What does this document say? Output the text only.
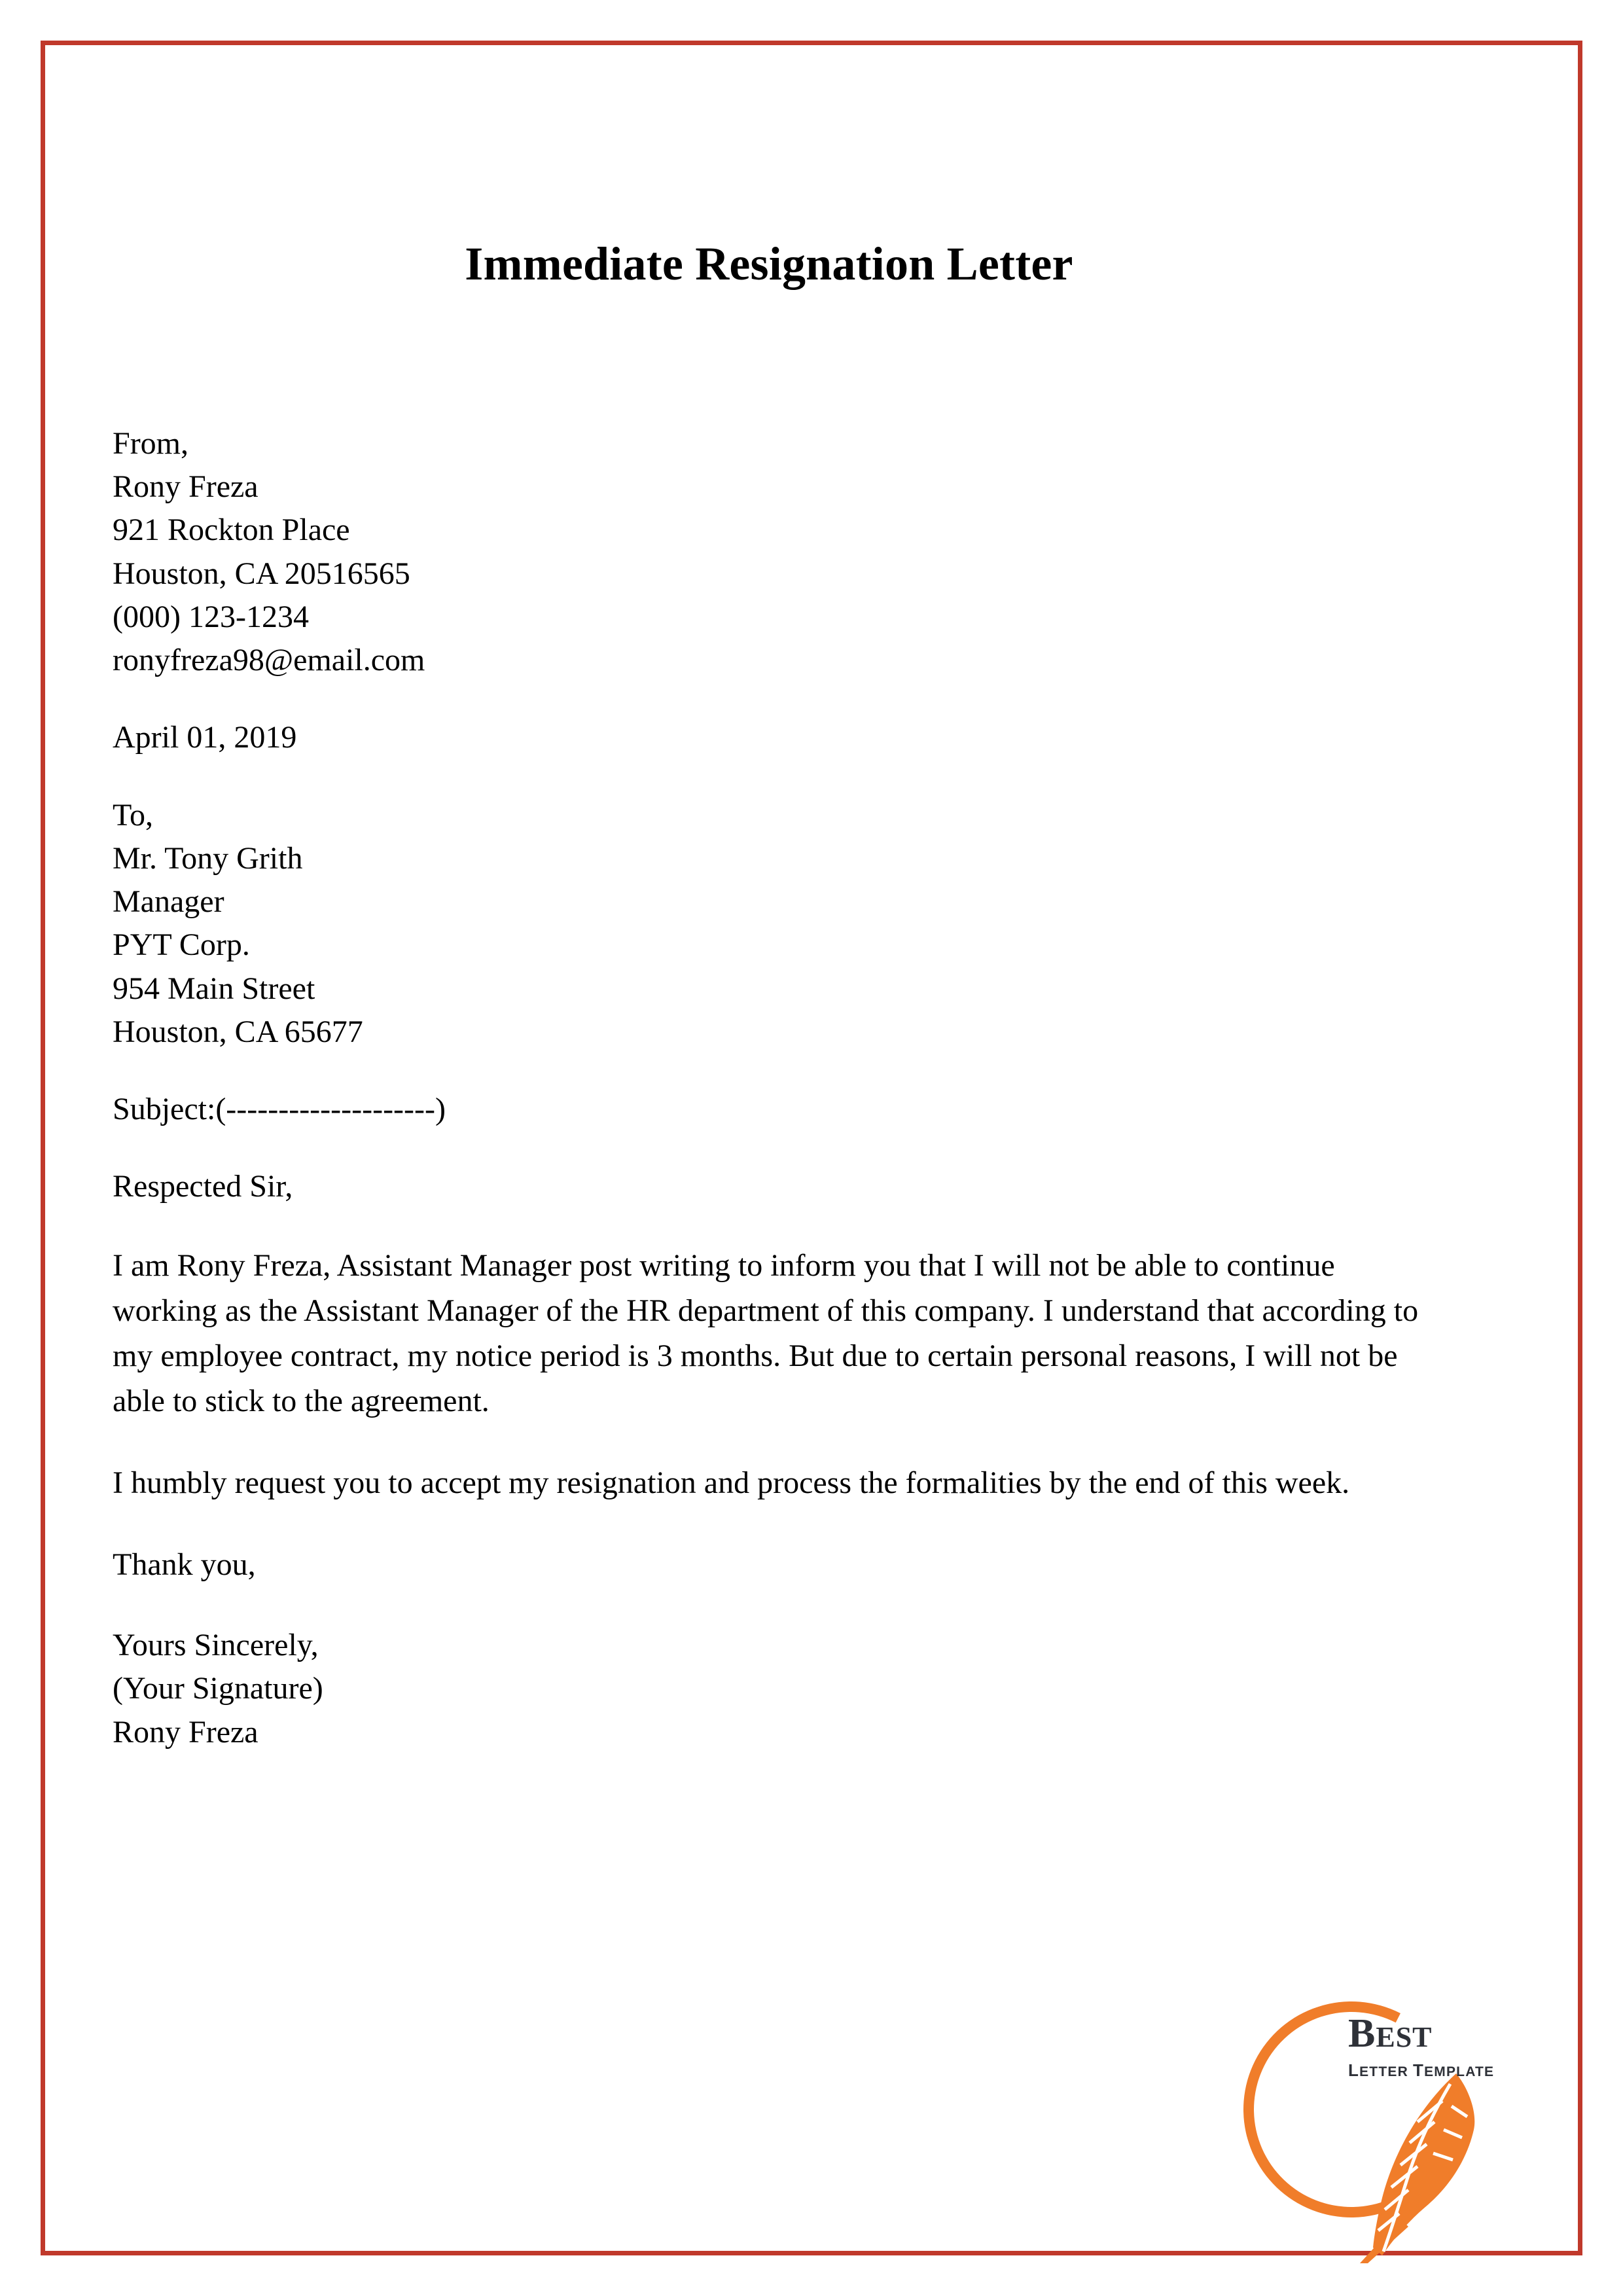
Immediate Resignation Letter
From,
Rony Freza
921 Rockton Place
Houston, CA 20516565
(000) 123-1234
ronyfreza98@email.com
April 01, 2019
To,
Mr. Tony Grith
Manager
PYT Corp.
954 Main Street
Houston, CA 65677
Subject:(--------------------)
Respected Sir,
I am Rony Freza, Assistant Manager post writing to inform you that I will not be able to continue working as the Assistant Manager of the HR department of this company. I understand that according to my employee contract, my notice period is 3 months. But due to certain personal reasons, I will not be able to stick to the agreement.
I humbly request you to accept my resignation and process the formalities by the end of this week.
Thank you,
Yours Sincerely,
(Your Signature)
Rony Freza
BEST
LETTER TEMPLATE
